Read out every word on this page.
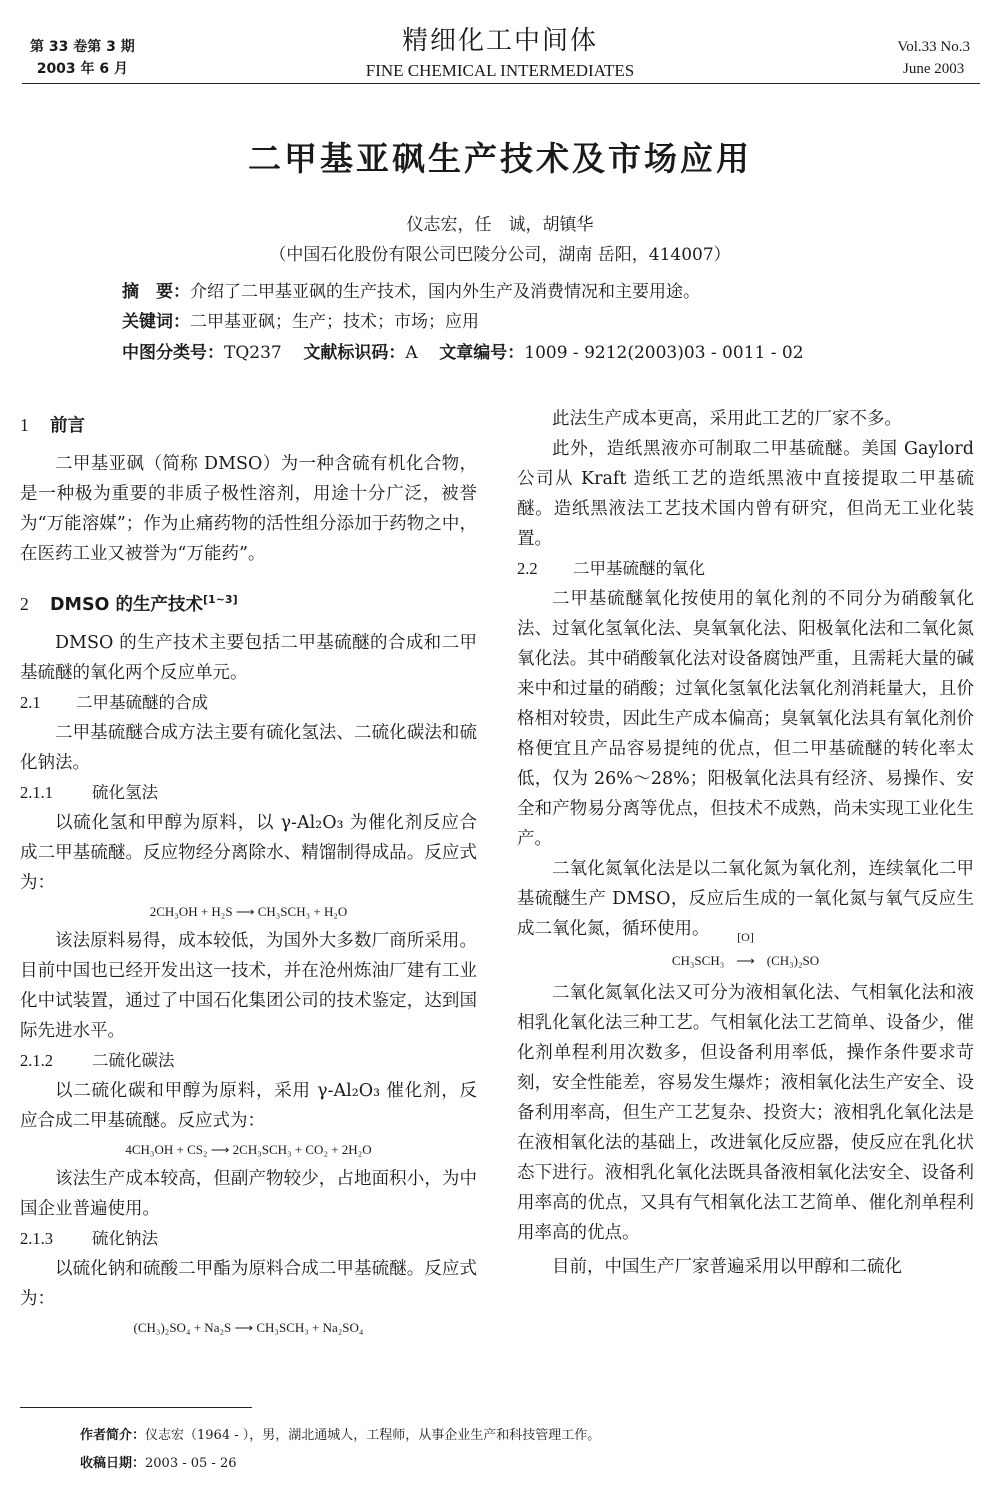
第 33 卷第 3 期
2003 年 6 月
精细化工中间体
FINE CHEMICAL INTERMEDIATES
Vol.33 No.3
June 2003
二甲基亚砜生产技术及市场应用
仪志宏，任　诚，胡镇华
（中国石化股份有限公司巴陵分公司，湖南 岳阳，414007）
摘　要：介绍了二甲基亚砜的生产技术，国内外生产及消费情况和主要用途。
关键词：二甲基亚砜；生产；技术；市场；应用
中图分类号：TQ237 文献标识码：A 文章编号：1009 - 9212(2003)03 - 0011 - 02
1 前言

二甲基亚砜（简称 DMSO）为一种含硫有机化合物，是一种极为重要的非质子极性溶剂，用途十分广泛，被誉为“万能溶媒”；作为止痛药物的活性组分添加于药物之中，在医药工业又被誉为“万能药”。

2 DMSO 的生产技术[1~3]

DMSO 的生产技术主要包括二甲基硫醚的合成和二甲基硫醚的氧化两个反应单元。

2.1 二甲基硫醚的合成

二甲基硫醚合成方法主要有硫化氢法、二硫化碳法和硫化钠法。

2.1.1 硫化氢法

以硫化氢和甲醇为原料，以 γ-Al₂O₃ 为催化剂反应合成二甲基硫醚。反应物经分离除水、精馏制得成品。反应式为：

2CH₃OH + H₂S ⟶ CH₃SCH₃ + H₂O

该法原料易得，成本较低，为国外大多数厂商所采用。目前中国也已经开发出这一技术，并在沧州炼油厂建有工业化中试装置，通过了中国石化集团公司的技术鉴定，达到国际先进水平。

2.1.2 二硫化碳法

以二硫化碳和甲醇为原料，采用 γ-Al₂O₃ 催化剂，反应合成二甲基硫醚。反应式为：

4CH₃OH + CS₂ ⟶ 2CH₃SCH₃ + CO₂ + 2H₂O

该法生产成本较高，但副产物较少，占地面积小，为中国企业普遍使用。

2.1.3 硫化钠法

以硫化钠和硫酸二甲酯为原料合成二甲基硫醚。反应式为：

(CH₃)₂SO₄ + Na₂S ⟶ CH₃SCH₃ + Na₂SO₄

此法生产成本更高，采用此工艺的厂家不多。

此外，造纸黑液亦可制取二甲基硫醚。美国 Gaylord 公司从 Kraft 造纸工艺的造纸黑液中直接提取二甲基硫醚。造纸黑液法工艺技术国内曾有研究，但尚无工业化装置。

2.2 二甲基硫醚的氧化

二甲基硫醚氧化按使用的氧化剂的不同分为硝酸氧化法、过氧化氢氧化法、臭氧氧化法、阳极氧化法和二氧化氮氧化法。其中硝酸氧化法对设备腐蚀严重，且需耗大量的碱来中和过量的硝酸；过氧化氢氧化法氧化剂消耗量大，且价格相对较贵，因此生产成本偏高；臭氧氧化法具有氧化剂价格便宜且产品容易提纯的优点，但二甲基硫醚的转化率太低，仅为 26%～28%；阳极氧化法具有经济、易操作、安全和产物易分离等优点，但技术不成熟，尚未实现工业化生产。

二氧化氮氧化法是以二氧化氮为氧化剂，连续氧化二甲基硫醚生产 DMSO，反应后生成的一氧化氮与氧气反应生成二氧化氮，循环使用。

CH₃SCH₃
[O]
⟶ (CH₃)₂SO

二氧化氮氧化法又可分为液相氧化法、气相氧化法和液相乳化氧化法三种工艺。气相氧化法工艺简单、设备少，催化剂单程利用次数多，但设备利用率低，操作条件要求苛刻，安全性能差，容易发生爆炸；液相氧化法生产安全、设备利用率高，但生产工艺复杂、投资大；液相乳化氧化法是在液相氧化法的基础上，改进氧化反应器，使反应在乳化状态下进行。液相乳化氧化法既具备液相氧化法安全、设备利用率高的优点，又具有气相氧化法工艺简单、催化剂单程利用率高的优点。

目前，中国生产厂家普遍采用以甲醇和二硫化

作者简介：仪志宏（1964 - ），男，湖北通城人，工程师，从事企业生产和科技管理工作。
收稿日期：2003 - 05 - 26
